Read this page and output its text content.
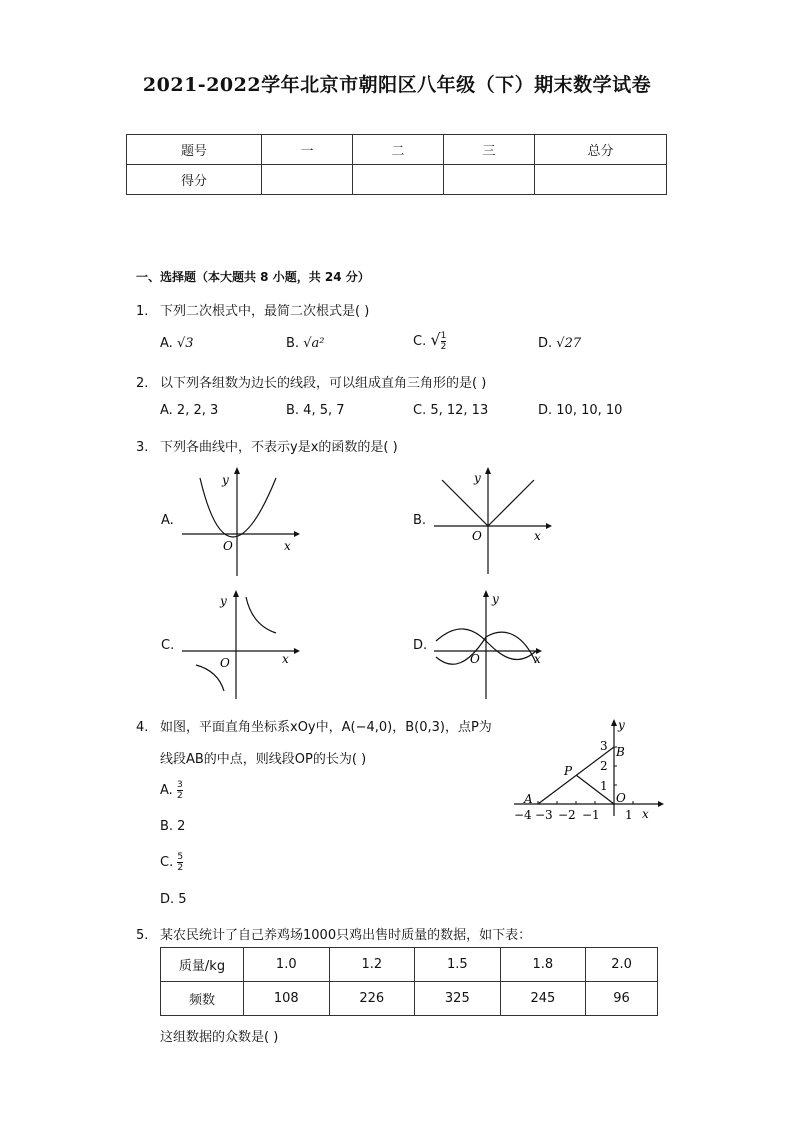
2021-2022学年北京市朝阳区八年级（下）期末数学试卷
题号	一	二	三	总分
得分				
一、选择题（本大题共 8 小题，共 24 分）
1. 下列二次根式中，最简二次根式是( )
A. √3	B. √a²	C. √ $\frac{1}{2}$	D. √27
2. 以下列各组数为边长的线段，可以组成直角三角形的是( )
A. 2, 2, 3	B. 4, 5, 7	C. 5, 12, 13	D. 10, 10, 10
3. 下列各曲线中，不表示y是x的函数的是( )
A.
y
x
O
B.
y
x
O
C.
y
x
O
D.
y
x
O
4. 如图，平面直角坐标系xOy中，A(−4,0)，B(0,3)，点P为
线段AB的中点，则线段OP的长为( )
A. $\frac{3}{2}$
B. 2
C. $\frac{5}{2}$
D. 5
y
x
A
B
P
O
−4 −3 −2 −1 1
1
2
3
5. 某农民统计了自己养鸡场1000只鸡出售时质量的数据，如下表：
质量/kg	1.0	1.2	1.5	1.8	2.0
频数	108	226	325	245	96
这组数据的众数是( )
